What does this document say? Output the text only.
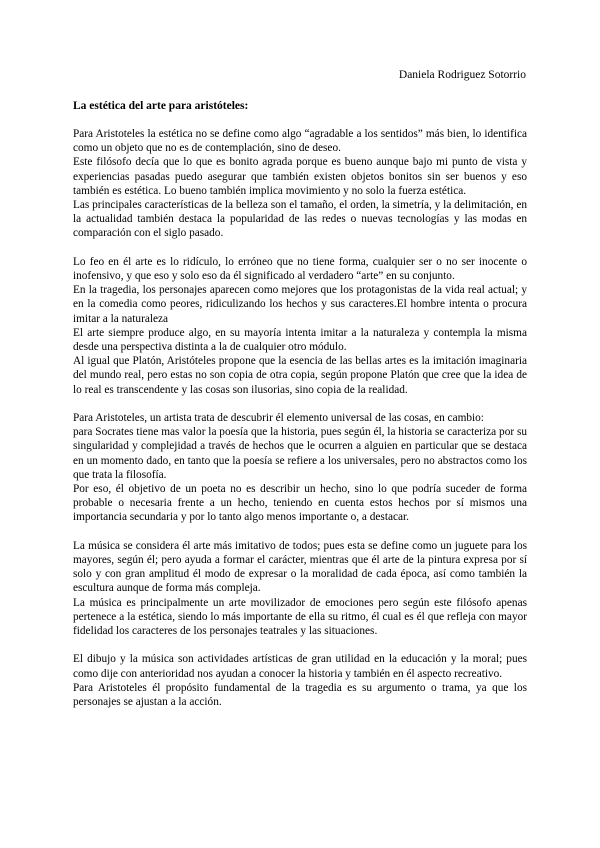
Daniela Rodriguez Sotorrio
La estética del arte para aristóteles:

Para Aristoteles la estética no se define como algo “agradable a los sentidos” más bien, lo identifica como un objeto que no es de contemplación, sino de deseo.

Este filósofo decía que lo que es bonito agrada porque es bueno aunque bajo mi punto de vista y experiencias pasadas puedo asegurar que también existen objetos bonitos sin ser buenos y eso también es estética. Lo bueno también implica movimiento y no solo la fuerza estética.

Las principales características de la belleza son el tamaño, el orden, la simetría, y la delimitación, en la actualidad también destaca la popularidad de las redes o nuevas tecnologías y las modas en comparación con el siglo pasado.

Lo feo en él arte es lo ridículo, lo erróneo que no tiene forma, cualquier ser o no ser inocente o inofensivo, y que eso y solo eso da él significado al verdadero “arte” en su conjunto.

En la tragedia, los personajes aparecen como mejores que los protagonistas de la vida real actual; y en la comedia como peores, ridiculizando los hechos y sus caracteres.El hombre intenta o procura imitar a la naturaleza

El arte siempre produce algo, en su mayoría intenta imitar a la naturaleza y contempla la misma desde una perspectiva distinta a la de cualquier otro módulo.

Al igual que Platón, Aristóteles propone que la esencia de las bellas artes es la imitación imaginaria del mundo real, pero estas no son copia de otra copia, según propone Platón que cree que la idea de lo real es transcendente y las cosas son ilusorias, sino copia de la realidad.

Para Aristoteles, un artista trata de descubrir él elemento universal de las cosas, en cambio:

para Socrates tiene mas valor la poesía que la historia, pues según él, la historia se caracteriza por su singularidad y complejidad a través de hechos que le ocurren a alguien en particular que se destaca en un momento dado, en tanto que la poesía se refiere a los universales, pero no abstractos como los que trata la filosofía.

Por eso, él objetivo de un poeta no es describir un hecho, sino lo que podría suceder de forma probable o necesaria frente a un hecho, teniendo en cuenta estos hechos por sí mismos una importancia secundaria y por lo tanto algo menos importante o, a destacar.

La música se considera él arte más imitativo de todos; pues esta se define como un juguete para los mayores, según él; pero ayuda a formar el carácter, mientras que él arte de la pintura expresa por sí solo y con gran amplitud él modo de expresar o la moralidad de cada época, así como también la escultura aunque de forma más compleja.

La música es principalmente un arte movilizador de emociones pero según este filósofo apenas pertenece a la estética, siendo lo más importante de ella su ritmo, él cual es él que refleja con mayor fidelidad los caracteres de los personajes teatrales y las situaciones.

El dibujo y la música son actividades artísticas de gran utilidad en la educación y la moral; pues como dije con anterioridad nos ayudan a conocer la historia y también en él aspecto recreativo.

Para Aristoteles él propósito fundamental de la tragedia es su argumento o trama, ya que los personajes se ajustan a la acción.
